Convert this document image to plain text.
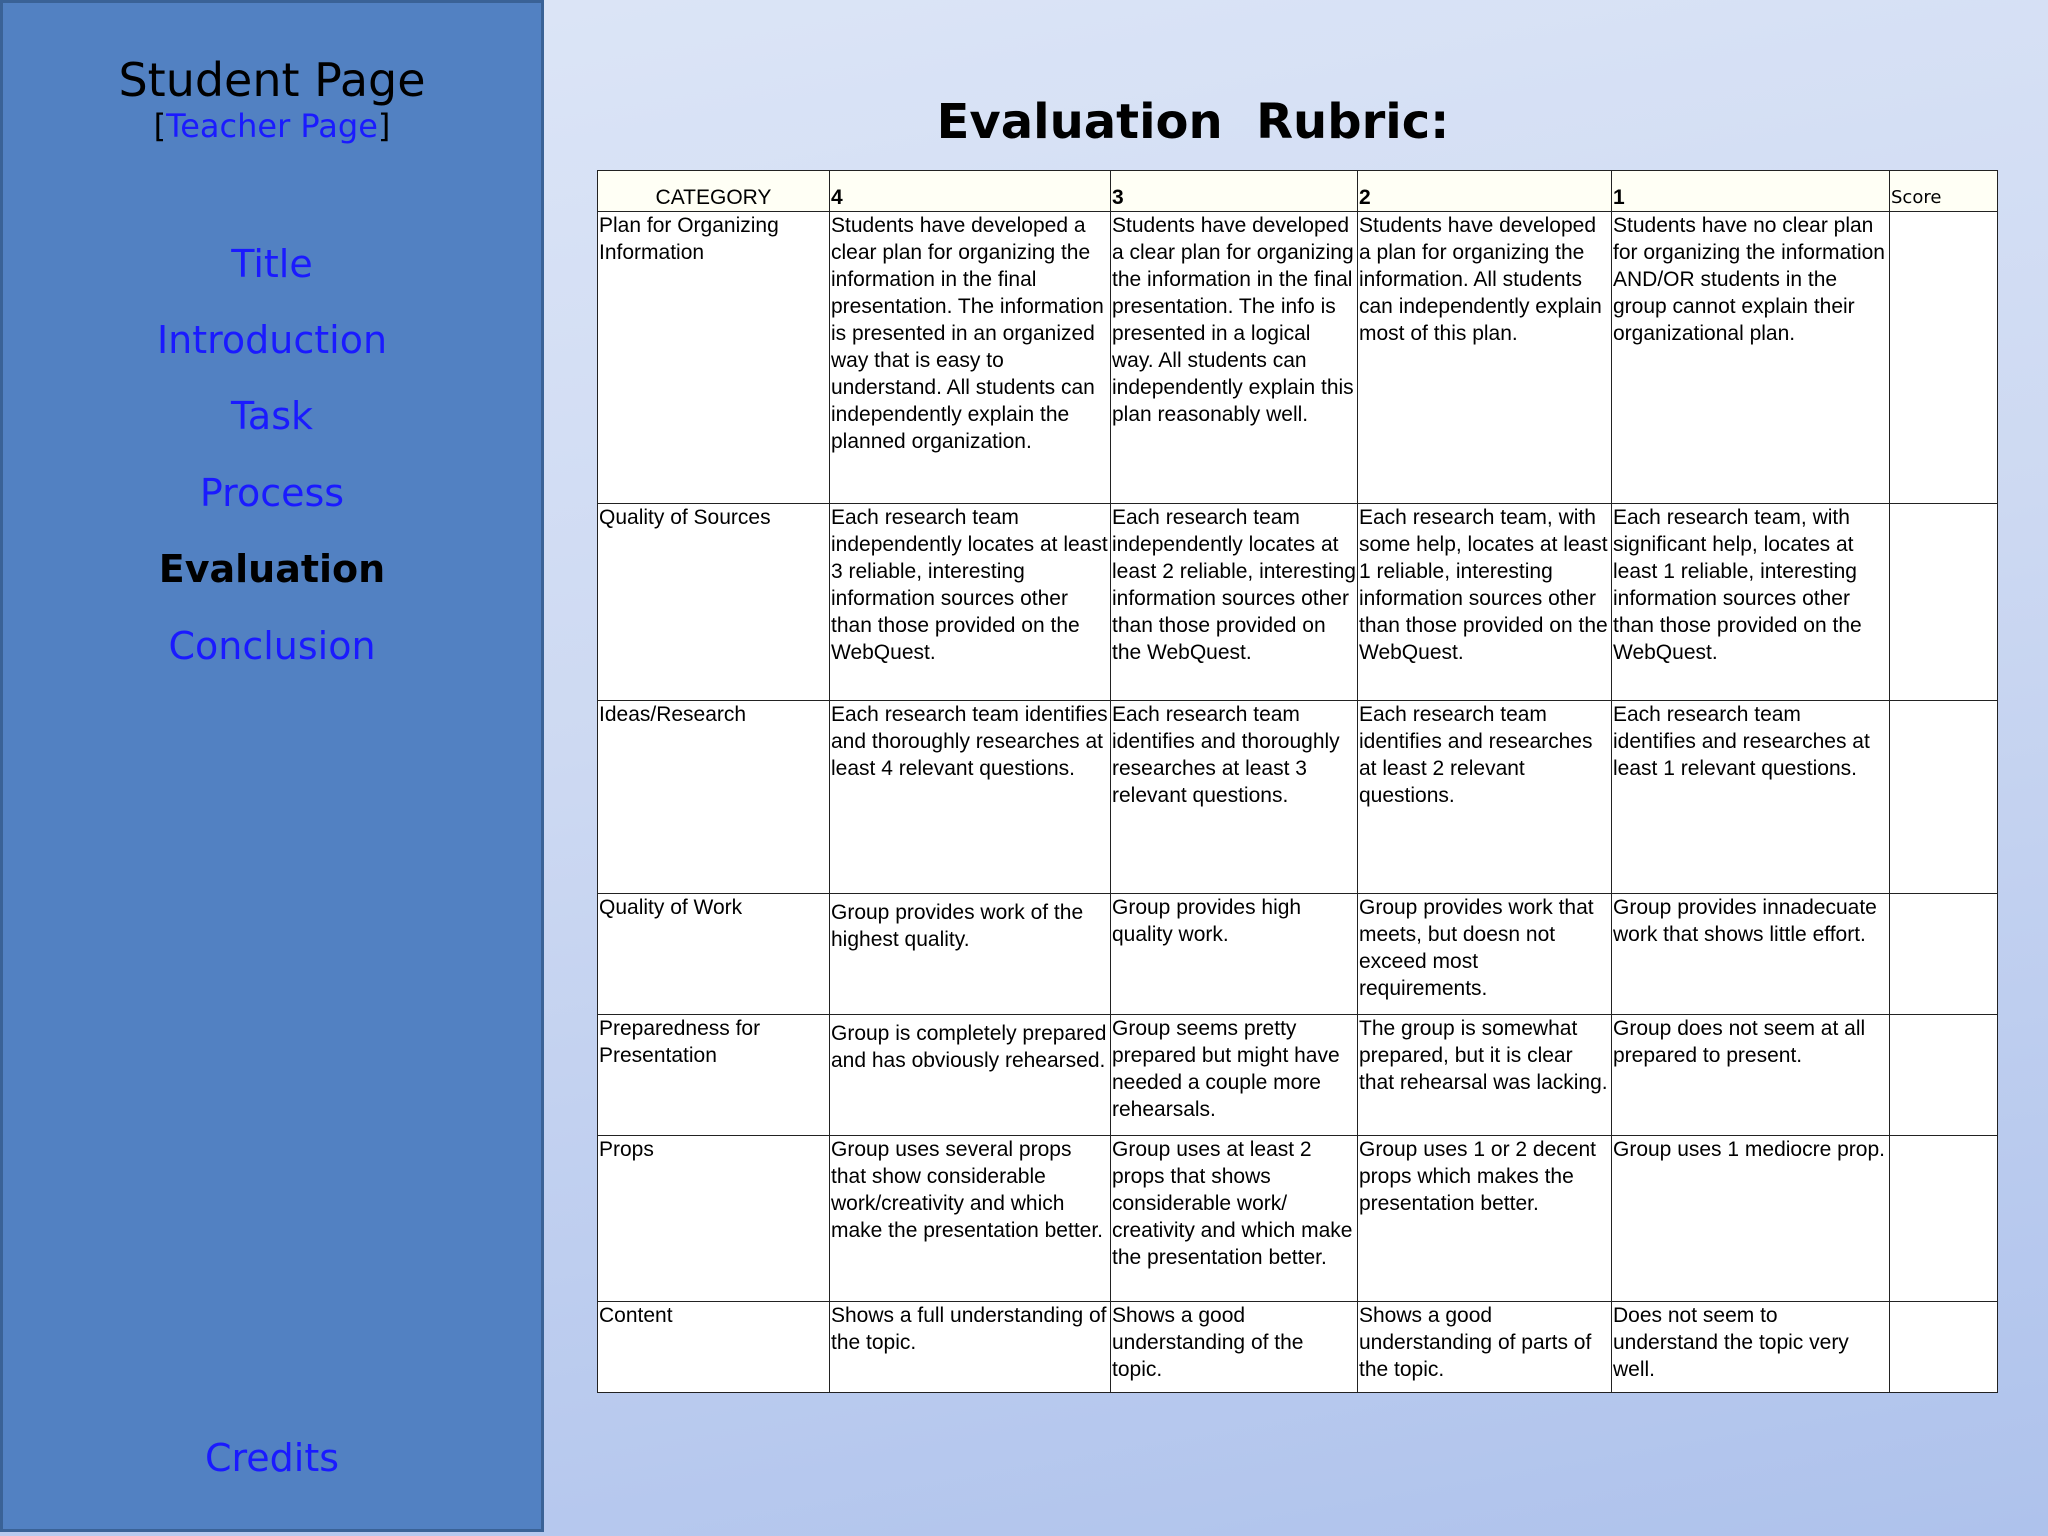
Student Page
[Teacher Page]
Title
Introduction
Task
Process
Evaluation
Conclusion
Credits
Evaluation  Rubric:
CATEGORY	4	3	2	1	Score
Plan for Organizing Information	Students have developed a clear plan for organizing the information in the final presentation. The information is presented in an organized way that is easy to understand. All students can independently explain the planned organization.	Students have developed a clear plan for organizing the information in the final presentation. The info is presented in a logical way. All students can independently explain this plan reasonably well.	Students have developed a plan for organizing the information. All students can independently explain most of this plan.	Students have no clear plan for organizing the information AND/OR students in the group cannot explain their organizational plan.	
Quality of Sources	Each research team independently locates at least 3 reliable, interesting information sources other than those provided on the WebQuest.	Each research team independently locates at least 2 reliable, interesting information sources other than those provided on the WebQuest.	Each research team, with some help, locates at least 1 reliable, interesting information sources other than those provided on the WebQuest.	Each research team, with significant help, locates at least 1 reliable, interesting information sources other than those provided on the WebQuest.	
Ideas/Research	Each research team identifies and thoroughly researches at least 4 relevant questions.	Each research team identifies and thoroughly researches at least 3 relevant questions.	Each research team identifies and researches at least 2 relevant questions.	Each research team identifies and researches at least 1 relevant questions.	
Quality of Work	Group provides work of the highest quality.	Group provides high quality work.	Group provides work that meets, but doesn not exceed most requirements.	Group provides innadecuate work that shows little effort.	
Preparedness for Presentation	Group is completely prepared and has obviously rehearsed.	Group seems pretty prepared but might have needed a couple more rehearsals.	The group is somewhat prepared, but it is clear that rehearsal was lacking.	Group does not seem at all prepared to present.	
Props	Group uses several props that show considerable work/creativity and which make the presentation better.	Group uses at least 2 props that shows considerable work/ creativity and which make the presentation better.	Group uses 1 or 2 decent props which makes the presentation better.	Group uses 1 mediocre prop.	
Content	Shows a full understanding of the topic.	Shows a good understanding of the topic.	Shows a good understanding of parts of the topic.	Does not seem to understand the topic very well.	
